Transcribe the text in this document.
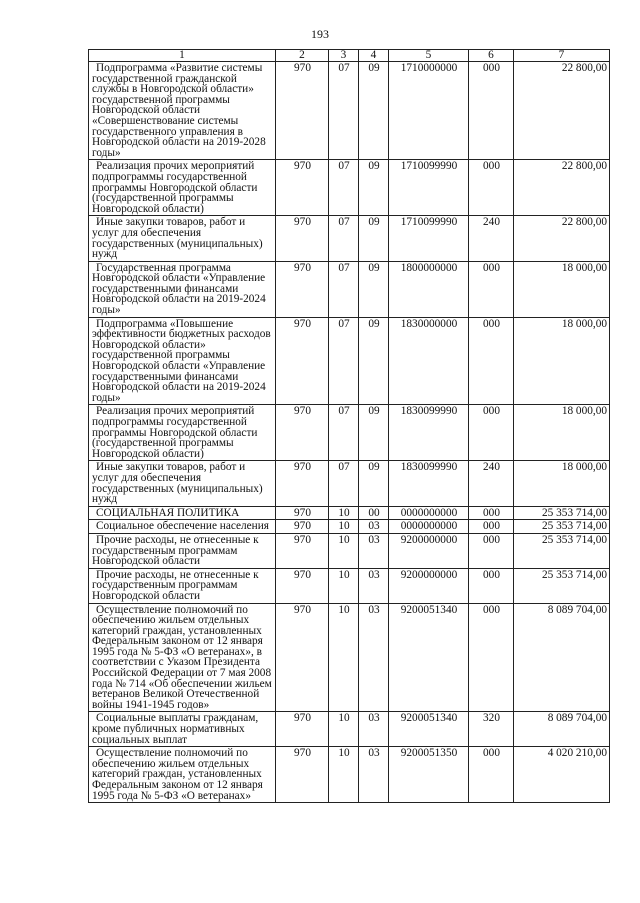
193
1	2	3	4	5	6	7
Подпрограмма «Развитие системы государственной гражданской службы в Новгородской области» государственной программы Новгородской области «Совершенствование системы государственного управления в Новгородской области на 2019-2028 годы»	970	07	09	1710000000	000	22 800,00
Реализация прочих мероприятий подпрограммы государственной программы Новгородской области (государственной программы Новгородской области)	970	07	09	1710099990	000	22 800,00
Иные закупки товаров, работ и услуг для обеспечения государственных (муниципальных) нужд	970	07	09	1710099990	240	22 800,00
Государственная программа Новгородской области «Управление государственными финансами Новгородской области на 2019-2024 годы»	970	07	09	1800000000	000	18 000,00
Подпрограмма «Повышение эффективности бюджетных расходов Новгородской области» государственной программы Новгородской области «Управление государственными финансами Новгородской области на 2019-2024 годы»	970	07	09	1830000000	000	18 000,00
Реализация прочих мероприятий подпрограммы государственной программы Новгородской области (государственной программы Новгородской области)	970	07	09	1830099990	000	18 000,00
Иные закупки товаров, работ и услуг для обеспечения государственных (муниципальных) нужд	970	07	09	1830099990	240	18 000,00
СОЦИАЛЬНАЯ ПОЛИТИКА	970	10	00	0000000000	000	25 353 714,00
Социальное обеспечение населения	970	10	03	0000000000	000	25 353 714,00
Прочие расходы, не отнесенные к государственным программам Новгородской области	970	10	03	9200000000	000	25 353 714,00
Прочие расходы, не отнесенные к государственным программам Новгородской области	970	10	03	9200000000	000	25 353 714,00
Осуществление полномочий по обеспечению жильем отдельных категорий граждан, установленных Федеральным законом от 12 января 1995 года № 5-ФЗ «О ветеранах», в соответствии с Указом Президента Российской Федерации от 7 мая 2008 года № 714 «Об обеспечении жильем ветеранов Великой Отечественной войны 1941-1945 годов»	970	10	03	9200051340	000	8 089 704,00
Социальные выплаты гражданам, кроме публичных нормативных социальных выплат	970	10	03	9200051340	320	8 089 704,00
Осуществление полномочий по обеспечению жильем отдельных категорий граждан, установленных Федеральным законом от 12 января 1995 года № 5-ФЗ «О ветеранах»	970	10	03	9200051350	000	4 020 210,00
